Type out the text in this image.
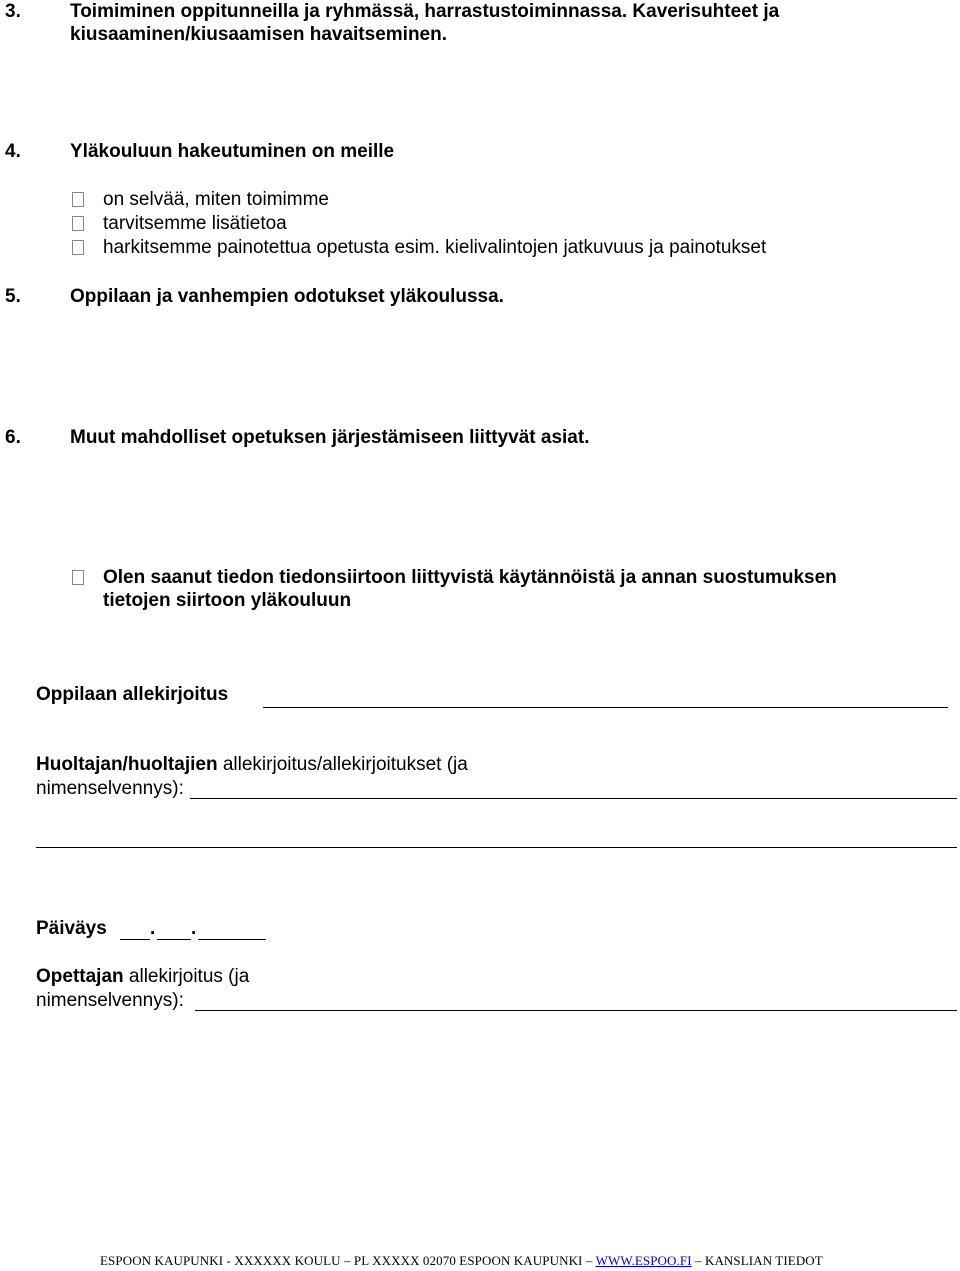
3.	Toimiminen oppitunneilla ja ryhmässä, harrastustoiminnassa. Kaverisuhteet ja
kiusaaminen/kiusaamisen havaitseminen.
4.	Yläkouluun hakeutuminen on meille
on selvää, miten toimimme
tarvitsemme lisätietoa
harkitsemme painotettua opetusta esim. kielivalintojen jatkuvuus ja painotukset
5.	Oppilaan ja vanhempien odotukset yläkoulussa.
6.	Muut mahdolliset opetuksen järjestämiseen liittyvät asiat.
Olen saanut tiedon tiedonsiirtoon liittyvistä käytännöistä ja annan suostumuksen
tietojen siirtoon yläkouluun
Oppilaan allekirjoitus
Huoltajan/huoltajien allekirjoitus/allekirjoitukset (ja
nimenselvennys):
Päiväys . .
Opettajan allekirjoitus (ja
nimenselvennys):
ESPOON KAUPUNKI - XXXXXX KOULU – PL XXXXX 02070 ESPOON KAUPUNKI – WWW.ESPOO.FI – KANSLIAN TIEDOT
